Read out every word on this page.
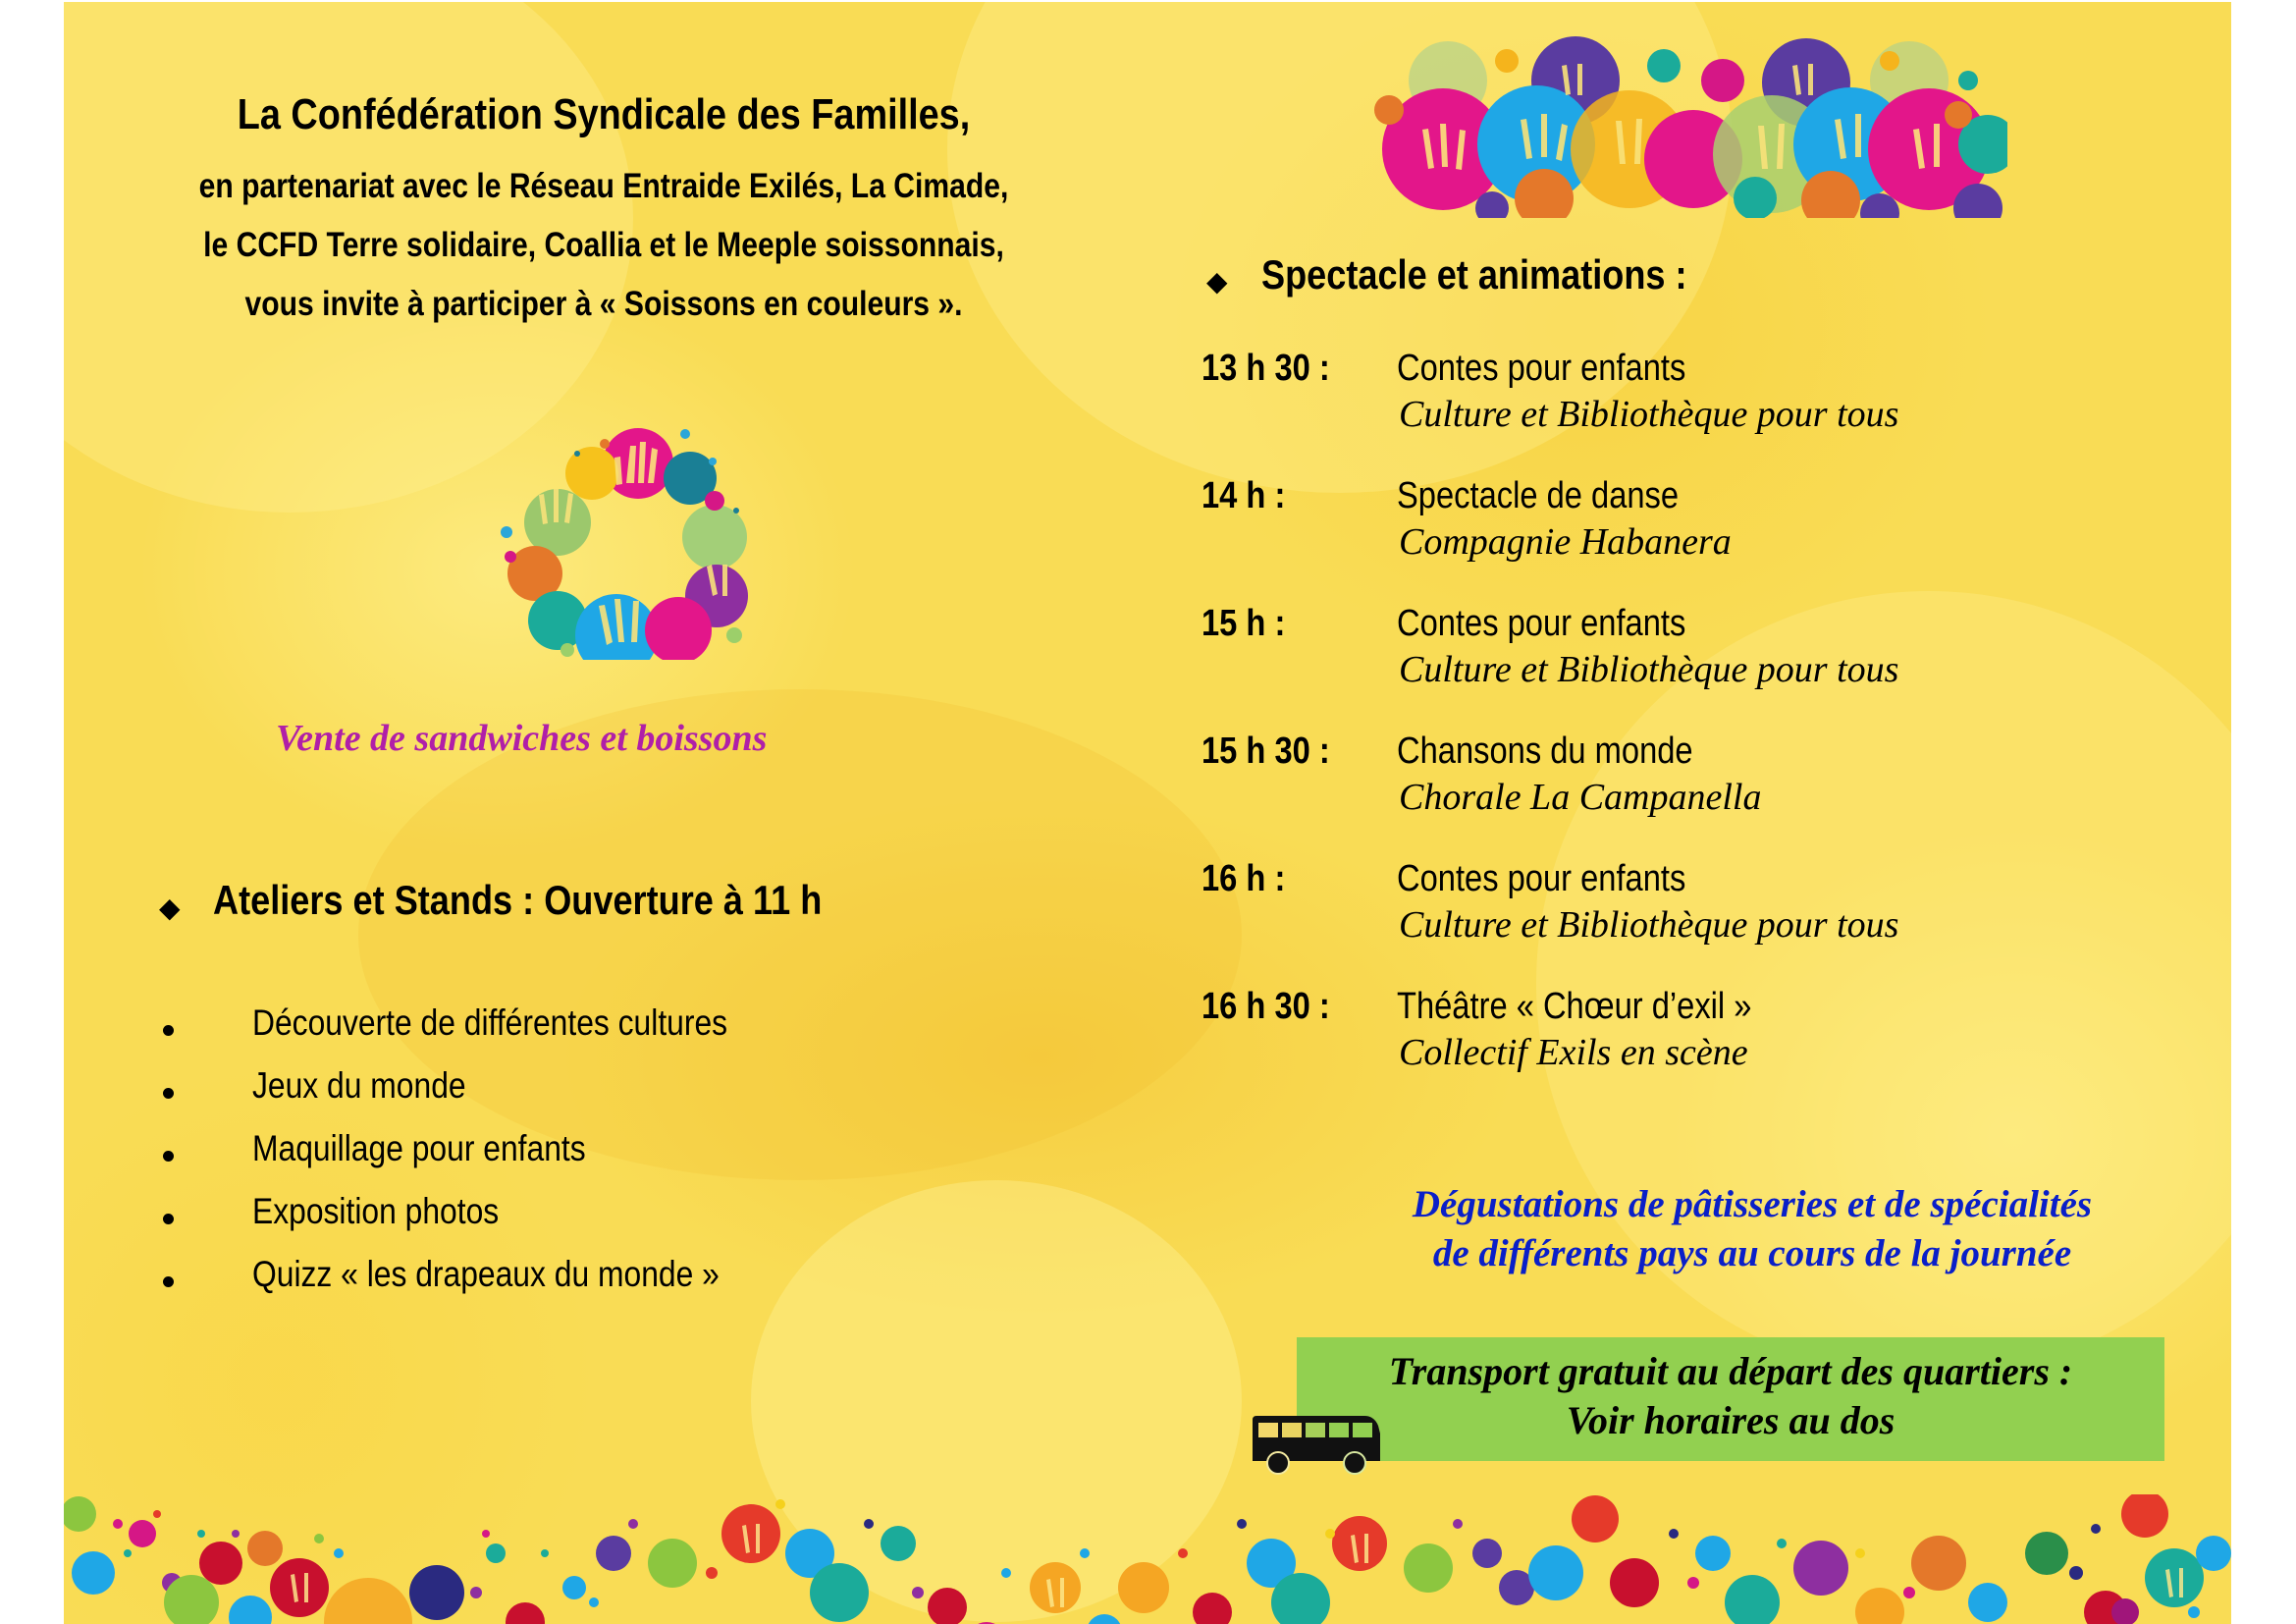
La Confédération Syndicale des Familles,
en partenariat avec le Réseau Entraide Exilés, La Cimade,
le CCFD Terre solidaire, Coallia et le Meeple soissonnais,
vous invite à participer à « Soissons en couleurs ».
Vente de sandwiches et boissons
◆ Ateliers et Stands : Ouverture à 11 h
Découverte de différentes cultures
Jeux du monde
Maquillage pour enfants
Exposition photos
Quizz « les drapeaux du monde »
◆ Spectacle et animations :
13 h 30 : Contes pour enfants
Culture et Bibliothèque pour tous
14 h :	Spectacle de danse
Compagnie Habanera
15 h :	Contes pour enfants
Culture et Bibliothèque pour tous
15 h 30 : Chansons du monde
Chorale La Campanella
16 h :	Contes pour enfants
Culture et Bibliothèque pour tous
16 h 30 : Théâtre « Chœur d’exil »
Collectif Exils en scène
Dégustations de pâtisseries et de spécialités
de différents pays au cours de la journée
Transport gratuit au départ des quartiers :
Voir horaires au dos
